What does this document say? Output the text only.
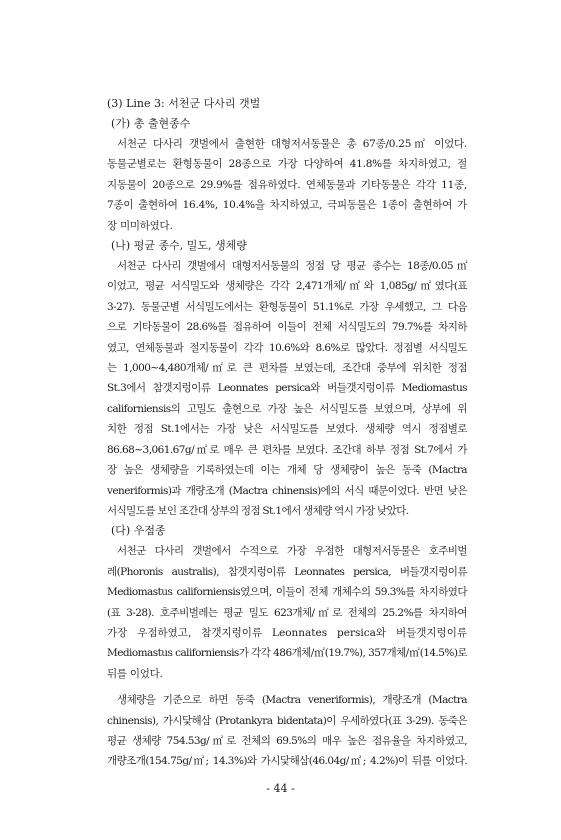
(3) Line 3: 서천군 다사리 갯벌
(가) 총 출현종수
서천군 다사리 갯벌에서 출현한 대형저서동물은 총 67종/0.25㎡ 이었다.
동물군별로는 환형동물이 28종으로 가장 다양하여 41.8%를 차지하였고, 절
지동물이 20종으로 29.9%를 점유하였다. 연체동물과 기타동물은 각각 11종,
7종이 출현하여 16.4%, 10.4%을 차지하였고, 극피동물은 1종이 출현하여 가
장 미미하였다.
(나) 평균 종수, 밀도, 생체량
서천군 다사리 갯벌에서 대형저서동물의 정점 당 평균 종수는 18종/0.05㎡
이었고, 평균 서식밀도와 생체량은 각각 2,471개체/㎡와 1,085g/㎡였다(표
3-27). 동물군별 서식밀도에서는 환형동물이 51.1%로 가장 우세했고, 그 다음
으로 기타동물이 28.6%를 점유하여 이들이 전체 서식밀도의 79.7%를 차지하
였고, 연체동물과 절지동물이 각각 10.6%와 8.6%로 많았다. 정점별 서식밀도
는 1,000∼4,480개체/㎡로 큰 편차를 보였는데, 조간대 중부에 위치한 정점
St.3에서 참갯지렁이류 Leonnates persica와 버들갯지렁이류 Mediomastus
californiensis의 고밀도 출현으로 가장 높은 서식밀도를 보였으며, 상부에 위
치한 정점 St.1에서는 가장 낮은 서식밀도를 보였다. 생체량 역시 정점별로
86.68∼3,061.67g/㎡로 매우 큰 편차를 보였다. 조간대 하부 정점 St.7에서 가
장 높은 생체량을 기록하였는데 이는 개체 당 생체량이 높은 동죽 (Mactra
veneriformis)과 개량조개 (Mactra chinensis)에의 서식 때문이었다. 반면 낮은
서식밀도를 보인 조간대 상부의 정점 St.1에서 생체량 역시 가장 낮았다.
(다) 우점종
서천군 다사리 갯벌에서 수적으로 가장 우점한 대형저서동물은 호주비벌
레(Phoronis australis), 참갯지렁이류 Leonnates persica, 버들갯지렁이류
Mediomastus californiensis였으며, 이들이 전체 개체수의 59.3%를 차지하였다
(표 3-28). 호주비벌레는 평균 밀도 623개체/㎡로 전체의 25.2%를 차지하여
가장 우점하였고, 참갯지렁이류 Leonnates persica와 버들갯지렁이류
Mediomastus californiensis가 각각 486개체/㎡(19.7%), 357개체/㎡(14.5%)로
뒤를 이었다.
생체량을 기준으로 하면 동죽 (Mactra veneriformis), 개량조개 (Mactra
chinensis), 가시닻해삼 (Protankyra bidentata)이 우세하였다(표 3-29). 동죽은
평균 생체량 754.53g/㎡로 전체의 69.5%의 매우 높은 점유율을 차지하였고,
개량조개(154.75g/㎡; 14.3%)와 가시닻해삼(46.04g/㎡; 4.2%)이 뒤를 이었다.
- 44 -
